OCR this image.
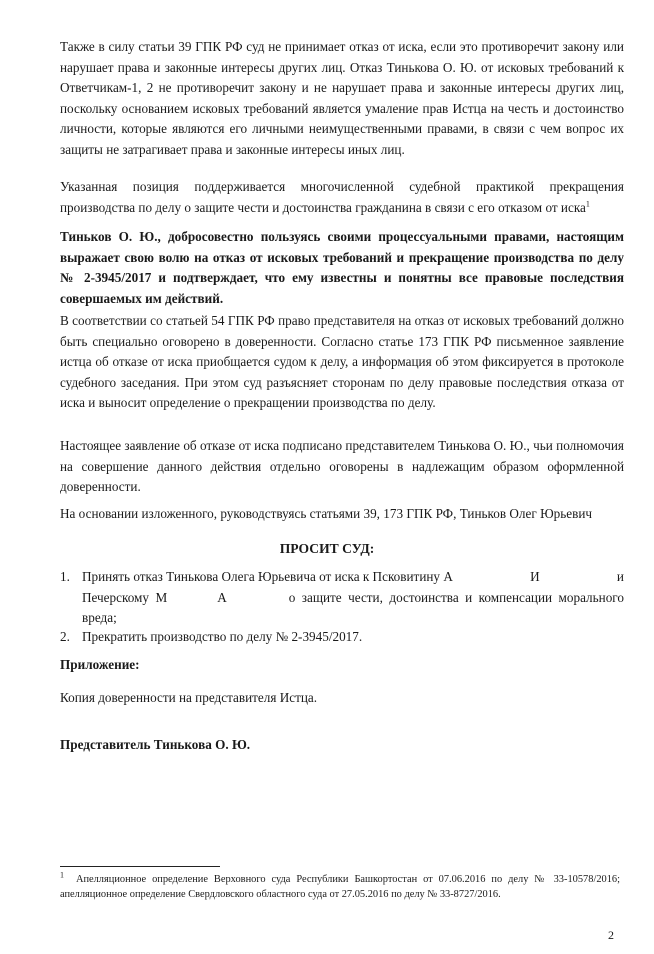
Также в силу статьи 39 ГПК РФ суд не принимает отказ от иска, если это противоречит закону или нарушает права и законные интересы других лиц. Отказ Тинькова О. Ю. от исковых требований к Ответчикам-1, 2 не противоречит закону и не нарушает права и законные интересы других лиц, поскольку основанием исковых требований является умаление прав Истца на честь и достоинство личности, которые являются его личными неимущественными правами, в связи с чем вопрос их защиты не затрагивает права и законные интересы иных лиц.

Указанная позиция поддерживается многочисленной судебной практикой прекращения производства по делу о защите чести и достоинства гражданина в связи с его отказом от иска$^1$

Тиньков О. Ю., добросовестно пользуясь своими процессуальными правами, настоящим выражает свою волю на отказ от исковых требований и прекращение производства по делу № 2-3945/2017 и подтверждает, что ему известны и понятны все правовые последствия совершаемых им действий.

В соответствии со статьей 54 ГПК РФ право представителя на отказ от исковых требований должно быть специально оговорено в доверенности. Согласно статье 173 ГПК РФ письменное заявление истца об отказе от иска приобщается судом к делу, а информация об этом фиксируется в протоколе судебного заседания. При этом суд разъясняет сторонам по делу правовые последствия отказа от иска и выносит определение о прекращении производства по делу.

Настоящее заявление об отказе от иска подписано представителем Тинькова О. Ю., чьи полномочия на совершение данного действия отдельно оговорены в надлежащим образом оформленной доверенности.

На основании изложенного, руководствуясь статьями 39, 173 ГПК РФ, Тиньков Олег Юрьевич

ПРОСИТ СУД:

1. Принять отказ Тинькова Олега Юрьевича от иска к Псковитину А	И	и
Печерскому М	А	о защите чести, достоинства и компенсации морального вреда;
2. Прекратить производство по делу № 2-3945/2017.

Приложение:

Копия доверенности на представителя Истца.

Представитель Тинькова О. Ю.

$^1$ Апелляционное определение Верховного суда Республики Башкортостан от 07.06.2016 по делу № 33-10578/2016; апелляционное определение Свердловского областного суда от 27.05.2016 по делу № 33-8727/2016.

2
